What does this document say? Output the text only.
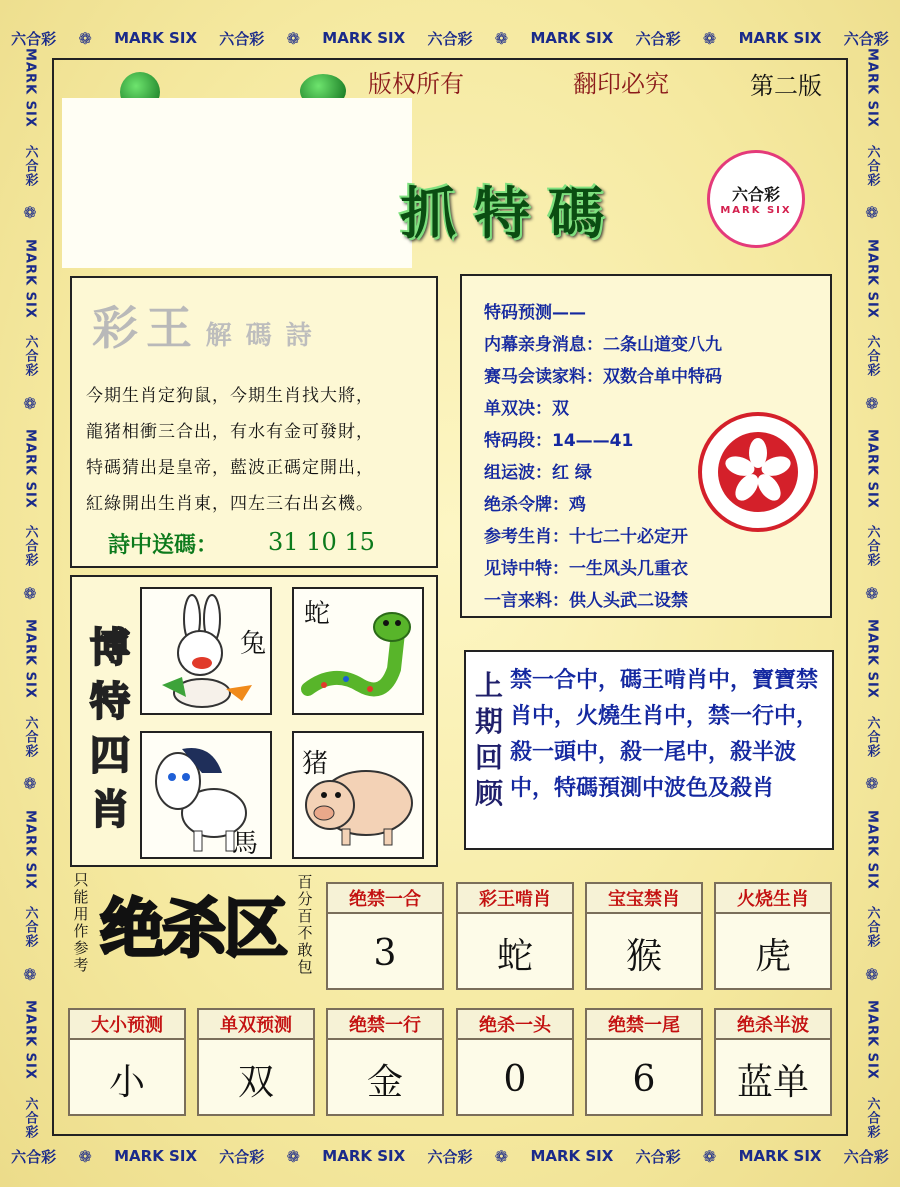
六合彩 ❁ MARK SIX 六合彩 ❁ MARK SIX 六合彩 ❁ MARK SIX 六合彩 ❁ MARK SIX 六合彩
六合彩 ❁ MARK SIX 六合彩 ❁ MARK SIX 六合彩 ❁ MARK SIX 六合彩 ❁ MARK SIX 六合彩
MARK SIX
六合彩
❁
MARK SIX
六合彩
❁
MARK SIX
六合彩
❁
MARK SIX
六合彩
❁
MARK SIX
六合彩
❁
MARK SIX
六合彩
MARK SIX
六合彩
❁
MARK SIX
六合彩
❁
MARK SIX
六合彩
❁
MARK SIX
六合彩
❁
MARK SIX
六合彩
❁
MARK SIX
六合彩
版权所有	翻印必究	第二版
抓特碼	六合彩
MARK SIX
彩王 解碼詩
今期生肖定狗鼠，今期生肖找大將，
龍猪相衝三合出，有水有金可發財，
特碼猜出是皇帝，藍波正碼定開出，
紅綠開出生肖東，四左三右出玄機。
詩中送碼： 31 10 15
特码预测——
内幕亲身消息：二条山道变八九
赛马会读家料：双数合单中特码
单双决：双
特码段：14——41
组运波：红 绿
绝杀令牌：鸡
参考生肖：十七二十必定开
见诗中特：一生风头几重衣
一言来料：供人头武二设禁
博特四肖
兔
蛇
馬
猪
上期回顾
禁一合中，碼王啃肖中，寶寶禁肖中，火燒生肖中，禁一行中，殺一頭中，殺一尾中，殺半波中，特碼預測中波色及殺肖
只能用作参考 绝杀区
百分百不敢包
绝禁一合
3
彩王啃肖
蛇
宝宝禁肖
猴
火烧生肖
虎
大小预测
小
单双预测
双
绝禁一行
金
绝杀一头
0
绝禁一尾
6
绝杀半波
蓝单
